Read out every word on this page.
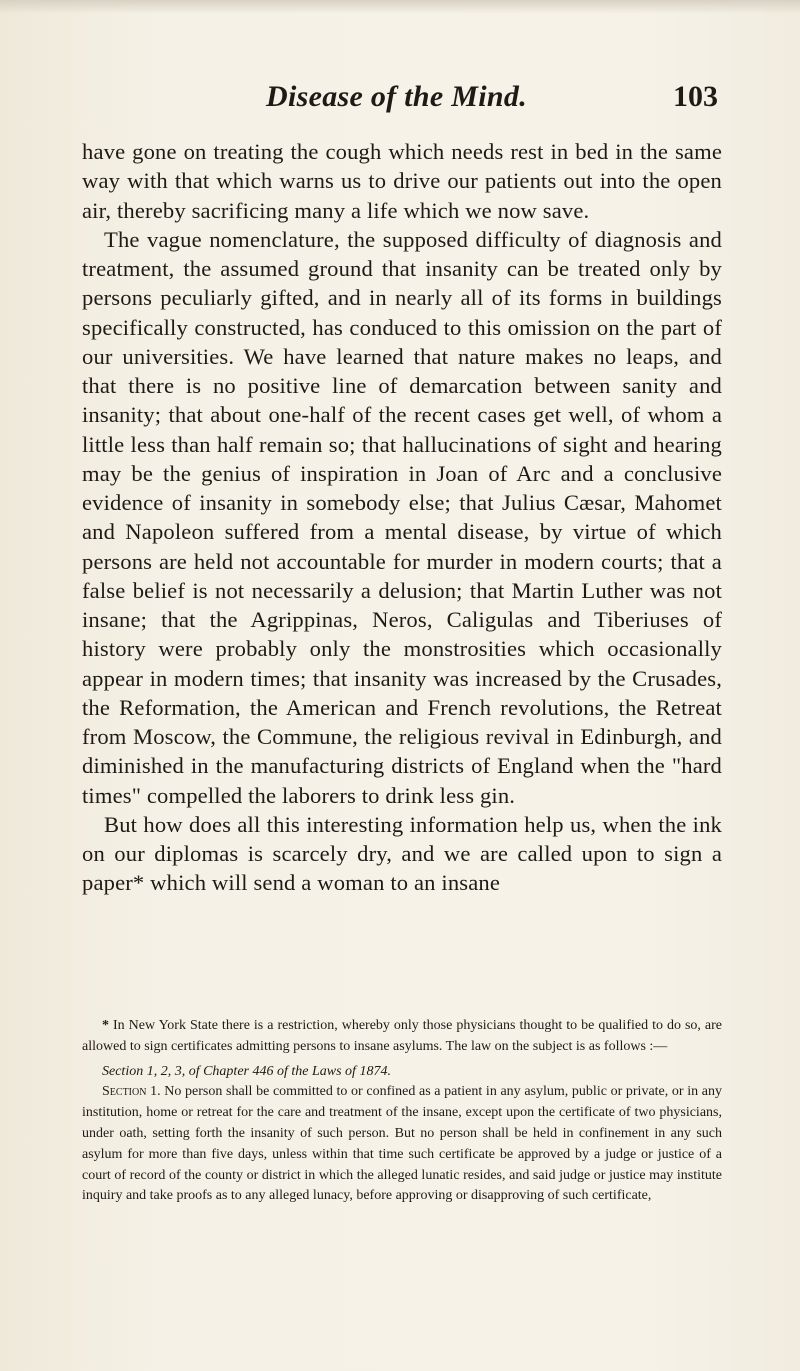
Disease of the Mind.	103

have gone on treating the cough which needs rest in bed in the same way with that which warns us to drive our patients out into the open air, thereby sacrificing many a life which we now save.

The vague nomenclature, the supposed difficulty of diagnosis and treatment, the assumed ground that insanity can be treated only by persons peculiarly gifted, and in nearly all of its forms in buildings specifically constructed, has conduced to this omission on the part of our universities. We have learned that nature makes no leaps, and that there is no positive line of demarcation between sanity and insanity; that about one-half of the recent cases get well, of whom a little less than half remain so; that hallucinations of sight and hearing may be the genius of inspiration in Joan of Arc and a conclusive evidence of insanity in somebody else; that Julius Cæsar, Mahomet and Napoleon suffered from a mental disease, by virtue of which persons are held not accountable for murder in modern courts; that a false belief is not necessarily a delusion; that Martin Luther was not insane; that the Agrippinas, Neros, Caligulas and Tiberiuses of history were probably only the monstrosities which occasionally appear in modern times; that insanity was increased by the Crusades, the Reformation, the American and French revolutions, the Retreat from Moscow, the Commune, the religious revival in Edinburgh, and diminished in the manufacturing districts of England when the "hard times" compelled the laborers to drink less gin.

But how does all this interesting information help us, when the ink on our diplomas is scarcely dry, and we are called upon to sign a paper* which will send a woman to an insane

* In New York State there is a restriction, whereby only those physicians thought to be qualified to do so, are allowed to sign certificates admitting persons to insane asylums. The law on the subject is as follows :—

Section 1, 2, 3, of Chapter 446 of the Laws of 1874.

Section 1. No person shall be committed to or confined as a patient in any asylum, public or private, or in any institution, home or retreat for the care and treatment of the insane, except upon the certificate of two physicians, under oath, setting forth the insanity of such person. But no person shall be held in confinement in any such asylum for more than five days, unless within that time such certificate be approved by a judge or justice of a court of record of the county or district in which the alleged lunatic resides, and said judge or justice may institute inquiry and take proofs as to any alleged lunacy, before approving or disapproving of such certificate,
